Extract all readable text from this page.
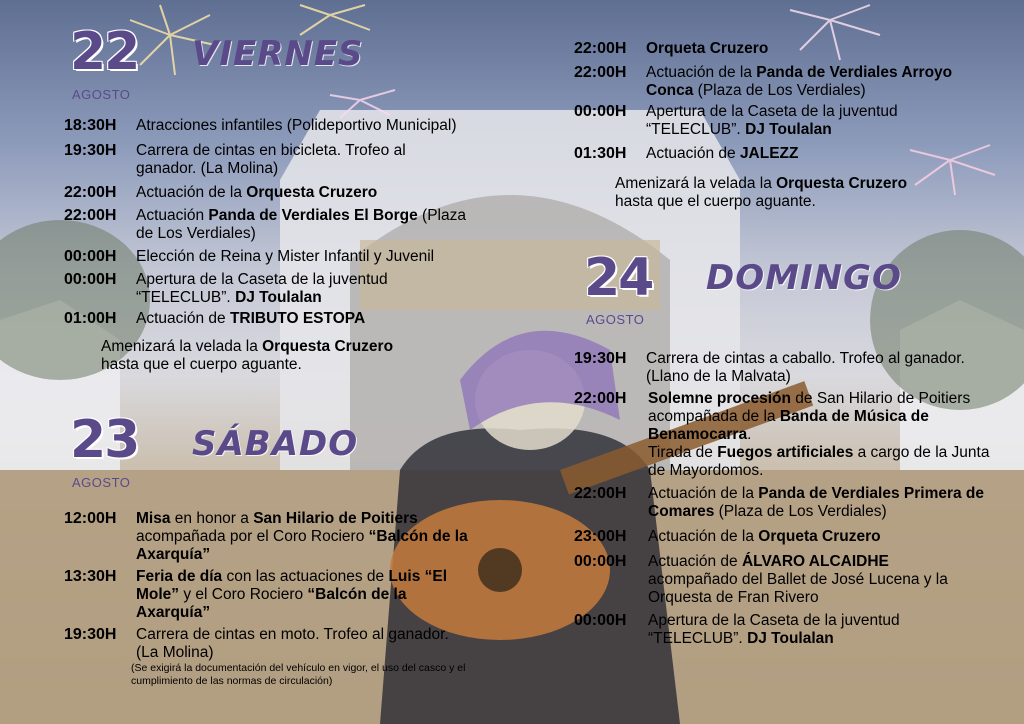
22
AGOSTO
VIERNES
18:30H Atracciones infantiles (Polideportivo Municipal)
19:30H Carrera de cintas en bicicleta. Trofeo al
ganador. (La Molina)
22:00H Actuación de la Orquesta Cruzero
22:00H Actuación Panda de Verdiales El Borge (Plaza
de Los Verdiales)
00:00H Elección de Reina y Mister Infantil y Juvenil
00:00H Apertura de la Caseta de la juventud
“TELECLUB”. DJ Toulalan
01:00H Actuación de TRIBUTO ESTOPA
Amenizará la velada la Orquesta Cruzero
hasta que el cuerpo aguante.
23
AGOSTO
SÁBADO
12:00H Misa en honor a San Hilario de Poitiers
acompañada por el Coro Rociero “Balcón de la
Axarquía”
13:30H Feria de día con las actuaciones de Luis “El
Mole” y el Coro Rociero “Balcón de la
Axarquía”
19:30H Carrera de cintas en moto. Trofeo al ganador.
(La Molina)
(Se exigirá la documentación del vehículo en vigor, el uso del casco y el
cumplimiento de las normas de circulación)
22:00H Orqueta Cruzero
22:00H Actuación de la Panda de Verdiales Arroyo
Conca (Plaza de Los Verdiales)
00:00H Apertura de la Caseta de la juventud
“TELECLUB”. DJ Toulalan
01:30H Actuación de JALEZZ
Amenizará la velada la Orquesta Cruzero
hasta que el cuerpo aguante.
24
AGOSTO
DOMINGO
19:30H Carrera de cintas a caballo. Trofeo al ganador.
(Llano de la Malvata)
22:00H Solemne procesión de San Hilario de Poitiers
acompañada de la Banda de Música de
Benamocarra.
Tirada de Fuegos artificiales a cargo de la Junta
de Mayordomos.
22:00H Actuación de la Panda de Verdiales Primera de
Comares (Plaza de Los Verdiales)
23:00H Actuación de la Orqueta Cruzero
00:00H Actuación de ÁLVARO ALCAIDHE
acompañado del Ballet de José Lucena y la
Orquesta de Fran Rivero
00:00H Apertura de la Caseta de la juventud
“TELECLUB”. DJ Toulalan
